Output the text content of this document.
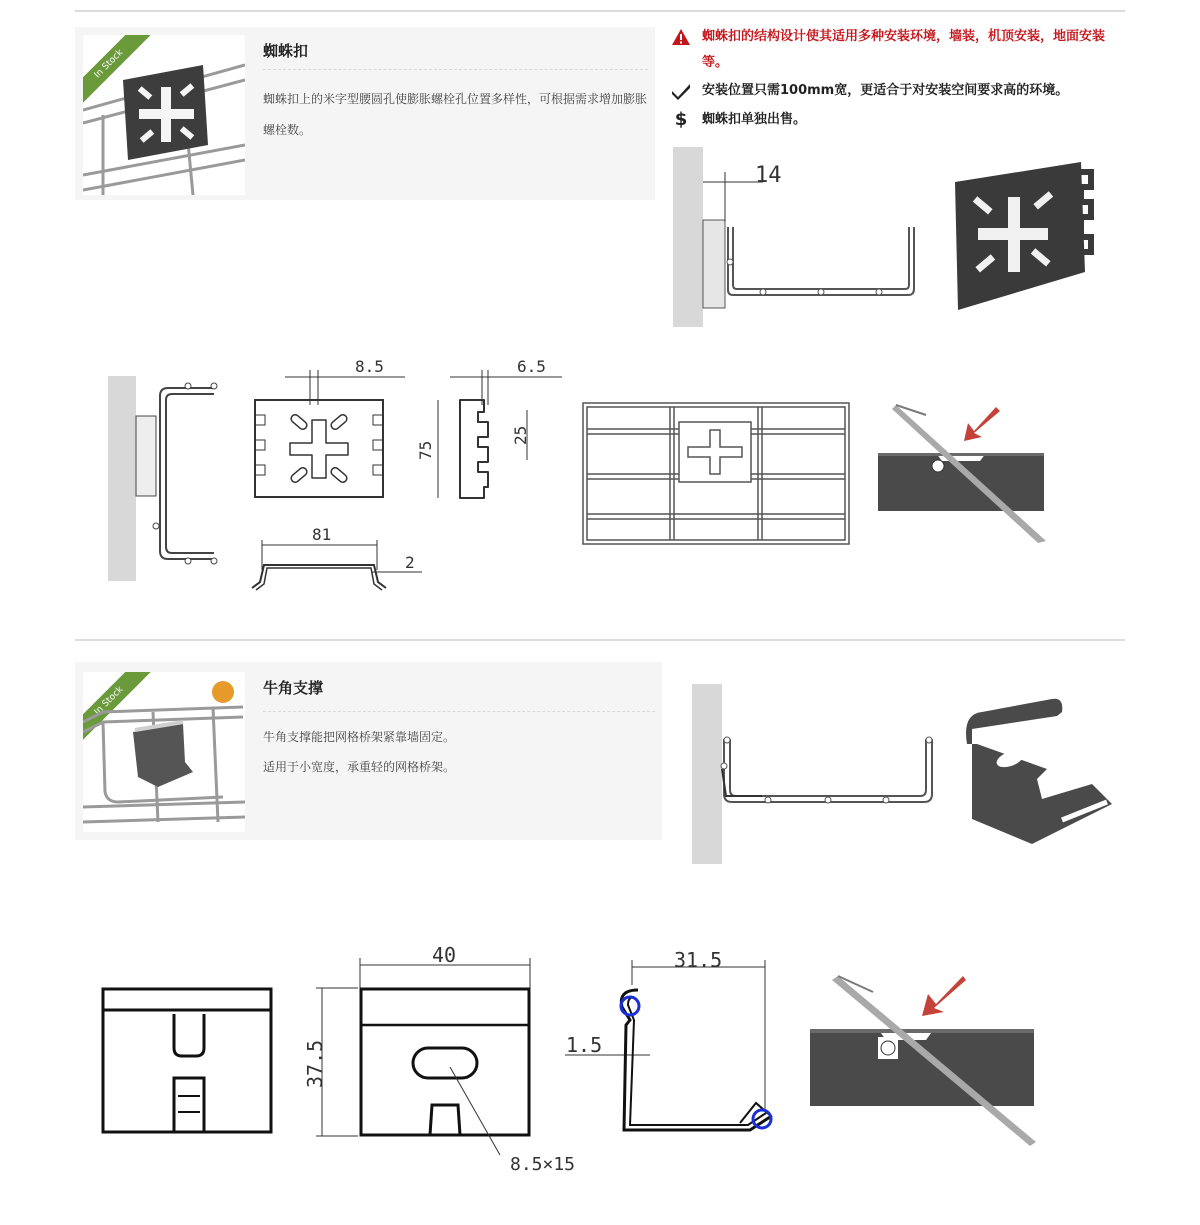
In Stock	蜘蛛扣
蜘蛛扣上的米字型腰圆孔使膨胀螺栓孔位置多样性，可根据需求增加膨胀螺栓数。
蜘蛛扣的结构设计使其适用多种安装环境，墙装，机顶安装，地面安装等。
安装位置只需100mm宽，更适合于对安装空间要求高的环境。
$	蜘蛛扣单独出售。
14
8.5	6.5
75
25
81
2
In Stock	牛角支撑
牛角支撑能把网格桥架紧靠墙固定。
适用于小宽度，承重轻的网格桥架。
40
37.5
8.5×15
31.5
1.5
